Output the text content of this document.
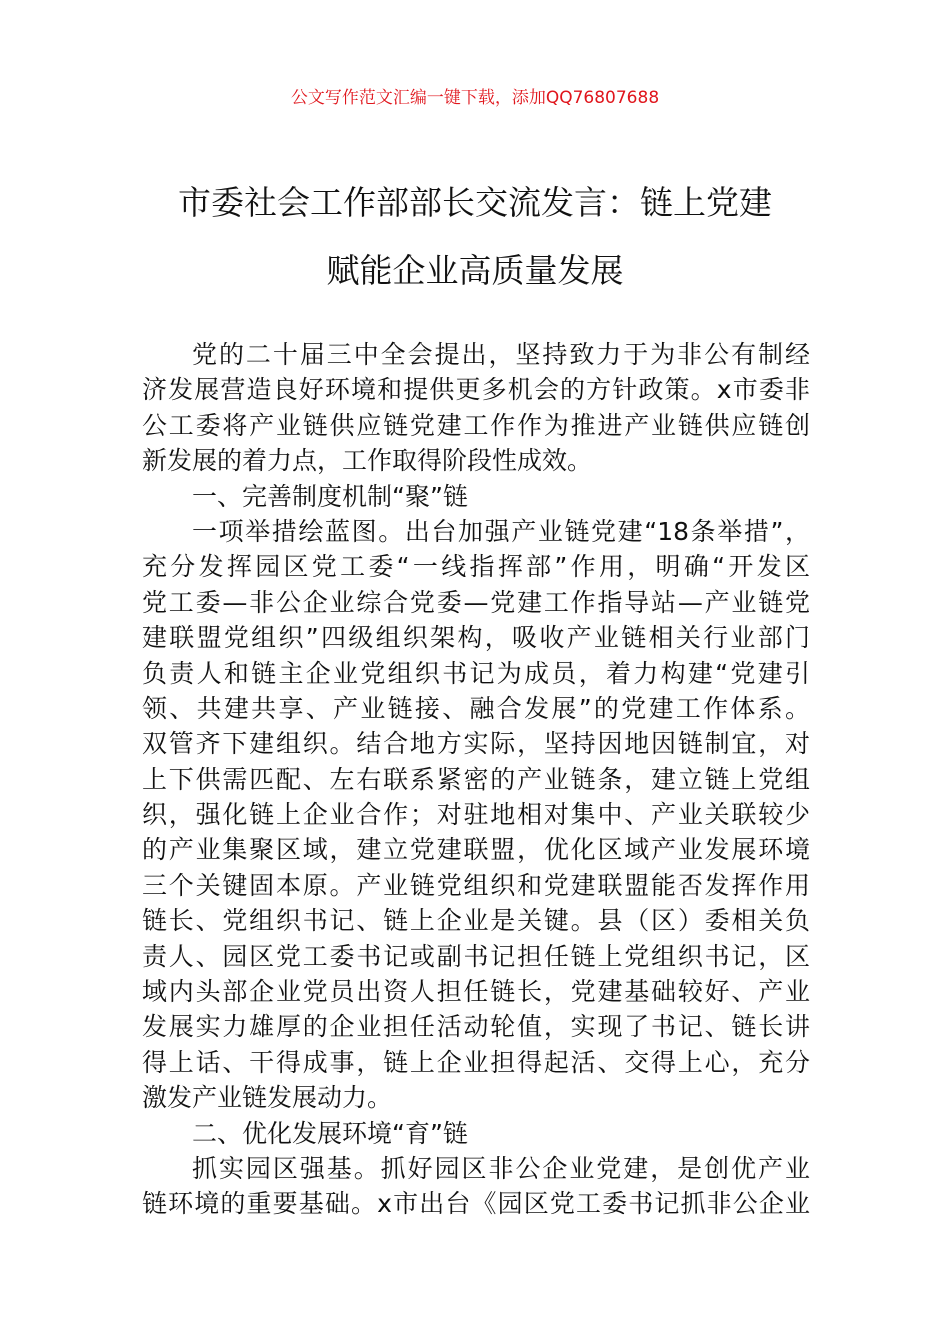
公文写作范文汇编一键下载，添加QQ76807688
市委社会工作部部长交流发言：链上党建
赋能企业高质量发展
党的二十届三中全会提出，坚持致力于为非公有制经
济发展营造良好环境和提供更多机会的方针政策。x市委非
公工委将产业链供应链党建工作作为推进产业链供应链创
新发展的着力点，工作取得阶段性成效。
一、完善制度机制“聚”链
一项举措绘蓝图。出台加强产业链党建“18条举措”，
充分发挥园区党工委“一线指挥部”作用，明确“开发区
党工委—非公企业综合党委—党建工作指导站—产业链党
建联盟党组织”四级组织架构，吸收产业链相关行业部门
负责人和链主企业党组织书记为成员，着力构建“党建引
领、共建共享、产业链接、融合发展”的党建工作体系。
双管齐下建组织。结合地方实际，坚持因地因链制宜，对
上下供需匹配、左右联系紧密的产业链条，建立链上党组
织，强化链上企业合作；对驻地相对集中、产业关联较少
的产业集聚区域，建立党建联盟，优化区域产业发展环境
三个关键固本原。产业链党组织和党建联盟能否发挥作用
链长、党组织书记、链上企业是关键。县（区）委相关负
责人、园区党工委书记或副书记担任链上党组织书记，区
域内头部企业党员出资人担任链长，党建基础较好、产业
发展实力雄厚的企业担任活动轮值，实现了书记、链长讲
得上话、干得成事，链上企业担得起活、交得上心，充分
激发产业链发展动力。
二、优化发展环境“育”链
抓实园区强基。抓好园区非公企业党建，是创优产业
链环境的重要基础。x市出台《园区党工委书记抓非公企业
